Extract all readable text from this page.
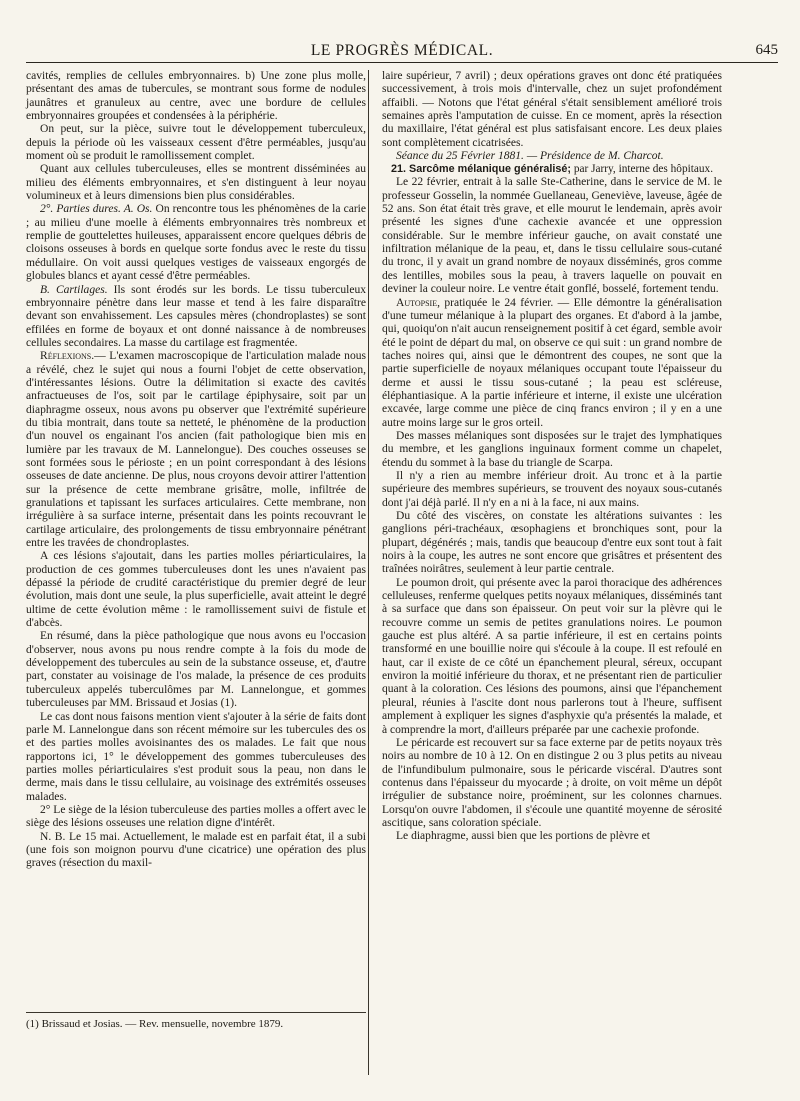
LE PROGRÈS MÉDICAL.	645

cavités, remplies de cellules embryonnaires. b) Une zone plus molle, présentant des amas de tubercules, se montrant sous forme de nodules jaunâtres et granuleux au centre, avec une bordure de cellules embryonnaires groupées et condensées à la périphérie.

On peut, sur la pièce, suivre tout le développement tuberculeux, depuis la période où les vaisseaux cessent d'être perméables, jusqu'au moment où se produit le ramollissement complet.

Quant aux cellules tuberculeuses, elles se montrent disséminées au milieu des éléments embryonnaires, et s'en distinguent à leur noyau volumineux et à leurs dimensions bien plus considérables.

2°. Parties dures. A. Os. On rencontre tous les phénomènes de la carie ; au milieu d'une moelle à éléments embryonnaires très nombreux et remplie de gouttelettes huileuses, apparaissent encore quelques débris de cloisons osseuses à bords en quelque sorte fondus avec le reste du tissu médullaire. On voit aussi quelques vestiges de vaisseaux engorgés de globules blancs et ayant cessé d'être perméables.

B. Cartilages. Ils sont érodés sur les bords. Le tissu tuberculeux embryonnaire pénètre dans leur masse et tend à les faire disparaître devant son envahissement. Les capsules mères (chondroplastes) se sont effilées en forme de boyaux et ont donné naissance à de nombreuses cellules secondaires. La masse du cartilage est fragmentée.

Réflexions.— L'examen macroscopique de l'articulation malade nous a révélé, chez le sujet qui nous a fourni l'objet de cette observation, d'intéressantes lésions. Outre la délimitation si exacte des cavités anfractueuses de l'os, soit par le cartilage épiphysaire, soit par un diaphragme osseux, nous avons pu observer que l'extrémité supérieure du tibia montrait, dans toute sa netteté, le phénomène de la production d'un nouvel os engainant l'os ancien (fait pathologique bien mis en lumière par les travaux de M. Lannelongue). Des couches osseuses se sont formées sous le périoste ; en un point correspondant à des lésions osseuses de date ancienne. De plus, nous croyons devoir attirer l'attention sur la présence de cette membrane grisâtre, molle, infiltrée de granulations et tapissant les surfaces articulaires. Cette membrane, non irrégulière à sa surface interne, présentait dans les points recouvrant le cartilage articulaire, des prolongements de tissu embryonnaire pénétrant entre les travées de chondroplastes.

A ces lésions s'ajoutait, dans les parties molles périarticulaires, la production de ces gommes tuberculeuses dont les unes n'avaient pas dépassé la période de crudité caractéristique du premier degré de leur évolution, mais dont une seule, la plus superficielle, avait atteint le degré ultime de cette évolution même : le ramollissement suivi de fistule et d'abcès.

En résumé, dans la pièce pathologique que nous avons eu l'occasion d'observer, nous avons pu nous rendre compte à la fois du mode de développement des tubercules au sein de la substance osseuse, et, d'autre part, constater au voisinage de l'os malade, la présence de ces produits tuberculeux appelés tuberculômes par M. Lannelongue, et gommes tuberculeuses par MM. Brissaud et Josias (1).

Le cas dont nous faisons mention vient s'ajouter à la série de faits dont parle M. Lannelongue dans son récent mémoire sur les tubercules des os et des parties molles avoisinantes des os malades. Le fait que nous rapportons ici, 1° le développement des gommes tuberculeuses des parties molles périarticulaires s'est produit sous la peau, non dans le derme, mais dans le tissu cellulaire, au voisinage des extrémités osseuses malades.

2° Le siège de la lésion tuberculeuse des parties molles a offert avec le siège des lésions osseuses une relation digne d'intérêt.

N. B. Le 15 mai. Actuellement, le malade est en parfait état, il a subi (une fois son moignon pourvu d'une cicatrice) une opération des plus graves (résection du maxil-

(1) Brissaud et Josias. — Rev. mensuelle, novembre 1879.

laire supérieur, 7 avril) ; deux opérations graves ont donc été pratiquées successivement, à trois mois d'intervalle, chez un sujet profondément affaibli. — Notons que l'état général s'était sensiblement amélioré trois semaines après l'amputation de cuisse. En ce moment, après la résection du maxillaire, l'état général est plus satisfaisant encore. Les deux plaies sont complètement cicatrisées.

Séance du 25 Février 1881. — Présidence de M. Charcot.

21. Sarcôme mélanique généralisé; par Jarry, interne des hôpitaux.

Le 22 février, entrait à la salle Ste-Catherine, dans le service de M. le professeur Gosselin, la nommée Guellaneau, Geneviève, laveuse, âgée de 52 ans. Son état était très grave, et elle mourut le lendemain, après avoir présenté les signes d'une cachexie avancée et une oppression considérable. Sur le membre inférieur gauche, on avait constaté une infiltration mélanique de la peau, et, dans le tissu cellulaire sous-cutané du tronc, il y avait un grand nombre de noyaux disséminés, gros comme des lentilles, mobiles sous la peau, à travers laquelle on pouvait en deviner la couleur noire. Le ventre était gonflé, bosselé, fortement tendu.

Autopsie, pratiquée le 24 février. — Elle démontre la généralisation d'une tumeur mélanique à la plupart des organes. Et d'abord à la jambe, qui, quoiqu'on n'ait aucun renseignement positif à cet égard, semble avoir été le point de départ du mal, on observe ce qui suit : un grand nombre de taches noires qui, ainsi que le démontrent des coupes, ne sont que la partie superficielle de noyaux mélaniques occupant toute l'épaisseur du derme et aussi le tissu sous-cutané ; la peau est scléreuse, éléphantiasique. A la partie inférieure et interne, il existe une ulcération excavée, large comme une pièce de cinq francs environ ; il y en a une autre moins large sur le gros orteil.

Des masses mélaniques sont disposées sur le trajet des lymphatiques du membre, et les ganglions inguinaux forment comme un chapelet, étendu du sommet à la base du triangle de Scarpa.

Il n'y a rien au membre inférieur droit. Au tronc et à la partie supérieure des membres supérieurs, se trouvent des noyaux sous-cutanés dont j'ai déjà parlé. Il n'y en a ni à la face, ni aux mains.

Du côté des viscères, on constate les altérations suivantes : les ganglions péri-trachéaux, œsophagiens et bronchiques sont, pour la plupart, dégénérés ; mais, tandis que beaucoup d'entre eux sont tout à fait noirs à la coupe, les autres ne sont encore que grisâtres et présentent des traînées noirâtres, seulement à leur partie centrale.

Le poumon droit, qui présente avec la paroi thoracique des adhérences celluleuses, renferme quelques petits noyaux mélaniques, disséminés tant à sa surface que dans son épaisseur. On peut voir sur la plèvre qui le recouvre comme un semis de petites granulations noires. Le poumon gauche est plus altéré. A sa partie inférieure, il est en certains points transformé en une bouillie noire qui s'écoule à la coupe. Il est refoulé en haut, car il existe de ce côté un épanchement pleural, séreux, occupant environ la moitié inférieure du thorax, et ne présentant rien de particulier quant à la coloration. Ces lésions des poumons, ainsi que l'épanchement pleural, réunies à l'ascite dont nous parlerons tout à l'heure, suffisent amplement à expliquer les signes d'asphyxie qu'a présentés la malade, et à comprendre la mort, d'ailleurs préparée par une cachexie profonde.

Le péricarde est recouvert sur sa face externe par de petits noyaux très noirs au nombre de 10 à 12. On en distingue 2 ou 3 plus petits au niveau de l'infundibulum pulmonaire, sous le péricarde viscéral. D'autres sont contenus dans l'épaisseur du myocarde ; à droite, on voit même un dépôt irrégulier de substance noire, proéminent, sur les colonnes charnues. Lorsqu'on ouvre l'abdomen, il s'écoule une quantité moyenne de sérosité ascitique, sans coloration spéciale.

Le diaphragme, aussi bien que les portions de plèvre et
